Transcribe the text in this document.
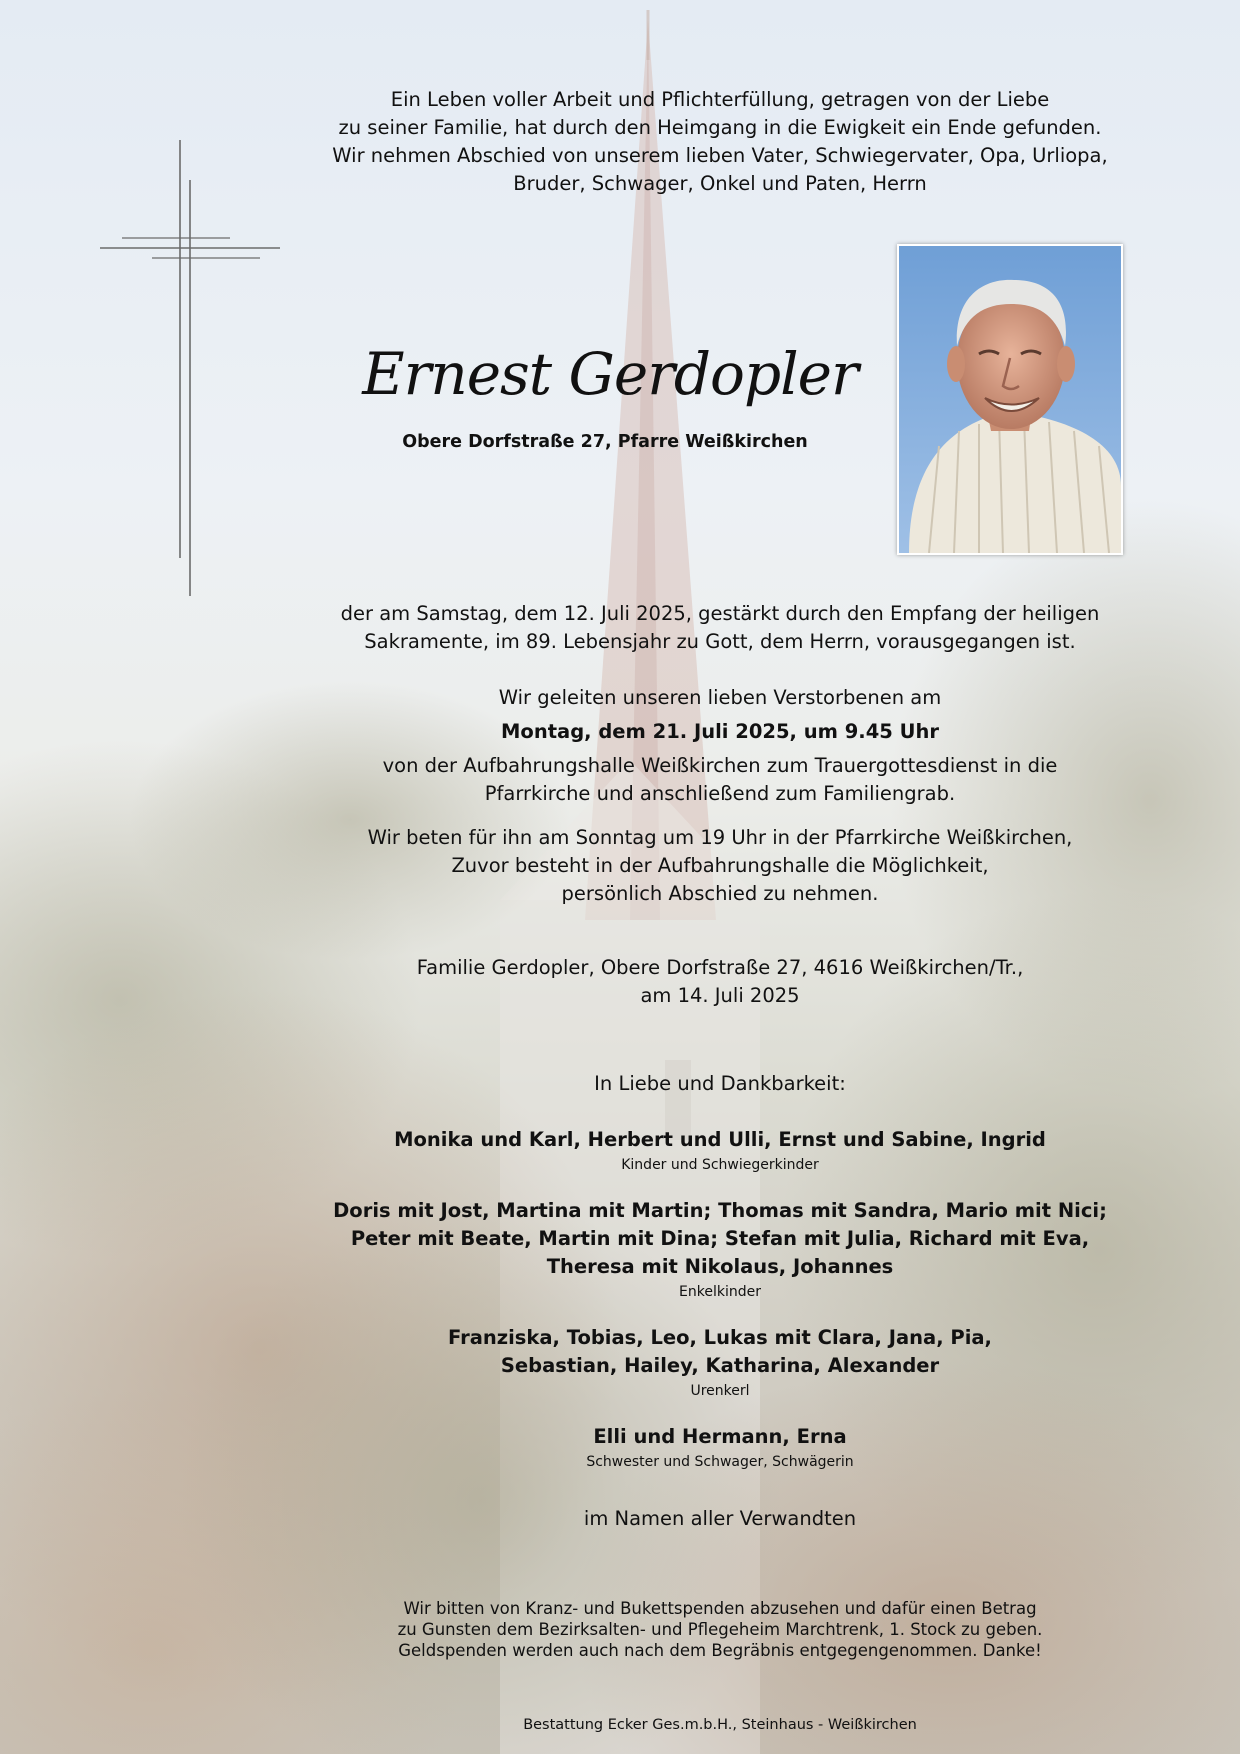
Ein Leben voller Arbeit und Pflichterfüllung, getragen von der Liebe
zu seiner Familie, hat durch den Heimgang in die Ewigkeit ein Ende gefunden.
Wir nehmen Abschied von unserem lieben Vater, Schwiegervater, Opa, Urliopa,
Bruder, Schwager, Onkel und Paten, Herrn
Ernest Gerdopler
Obere Dorfstraße 27, Pfarre Weißkirchen
der am Samstag, dem 12. Juli 2025, gestärkt durch den Empfang der heiligen
Sakramente, im 89. Lebensjahr zu Gott, dem Herrn, vorausgegangen ist.
Wir geleiten unseren lieben Verstorbenen am
Montag, dem 21. Juli 2025, um 9.45 Uhr
von der Aufbahrungshalle Weißkirchen zum Trauergottesdienst in die
Pfarrkirche und anschließend zum Familiengrab.
Wir beten für ihn am Sonntag um 19 Uhr in der Pfarrkirche Weißkirchen,
Zuvor besteht in der Aufbahrungshalle die Möglichkeit,
persönlich Abschied zu nehmen.
Familie Gerdopler, Obere Dorfstraße 27, 4616 Weißkirchen/Tr.,
am 14. Juli 2025
In Liebe und Dankbarkeit:
Monika und Karl, Herbert und Ulli, Ernst und Sabine, Ingrid
Kinder und Schwiegerkinder
Doris mit Jost, Martina mit Martin; Thomas mit Sandra, Mario mit Nici;
Peter mit Beate, Martin mit Dina; Stefan mit Julia, Richard mit Eva,
Theresa mit Nikolaus, Johannes
Enkelkinder
Franziska, Tobias, Leo, Lukas mit Clara, Jana, Pia,
Sebastian, Hailey, Katharina, Alexander
Urenkerl
Elli und Hermann, Erna
Schwester und Schwager, Schwägerin
im Namen aller Verwandten
Wir bitten von Kranz- und Bukettspenden abzusehen und dafür einen Betrag
zu Gunsten dem Bezirksalten- und Pflegeheim Marchtrenk, 1. Stock zu geben.
Geldspenden werden auch nach dem Begräbnis entgegengenommen. Danke!
Bestattung Ecker Ges.m.b.H., Steinhaus - Weißkirchen
